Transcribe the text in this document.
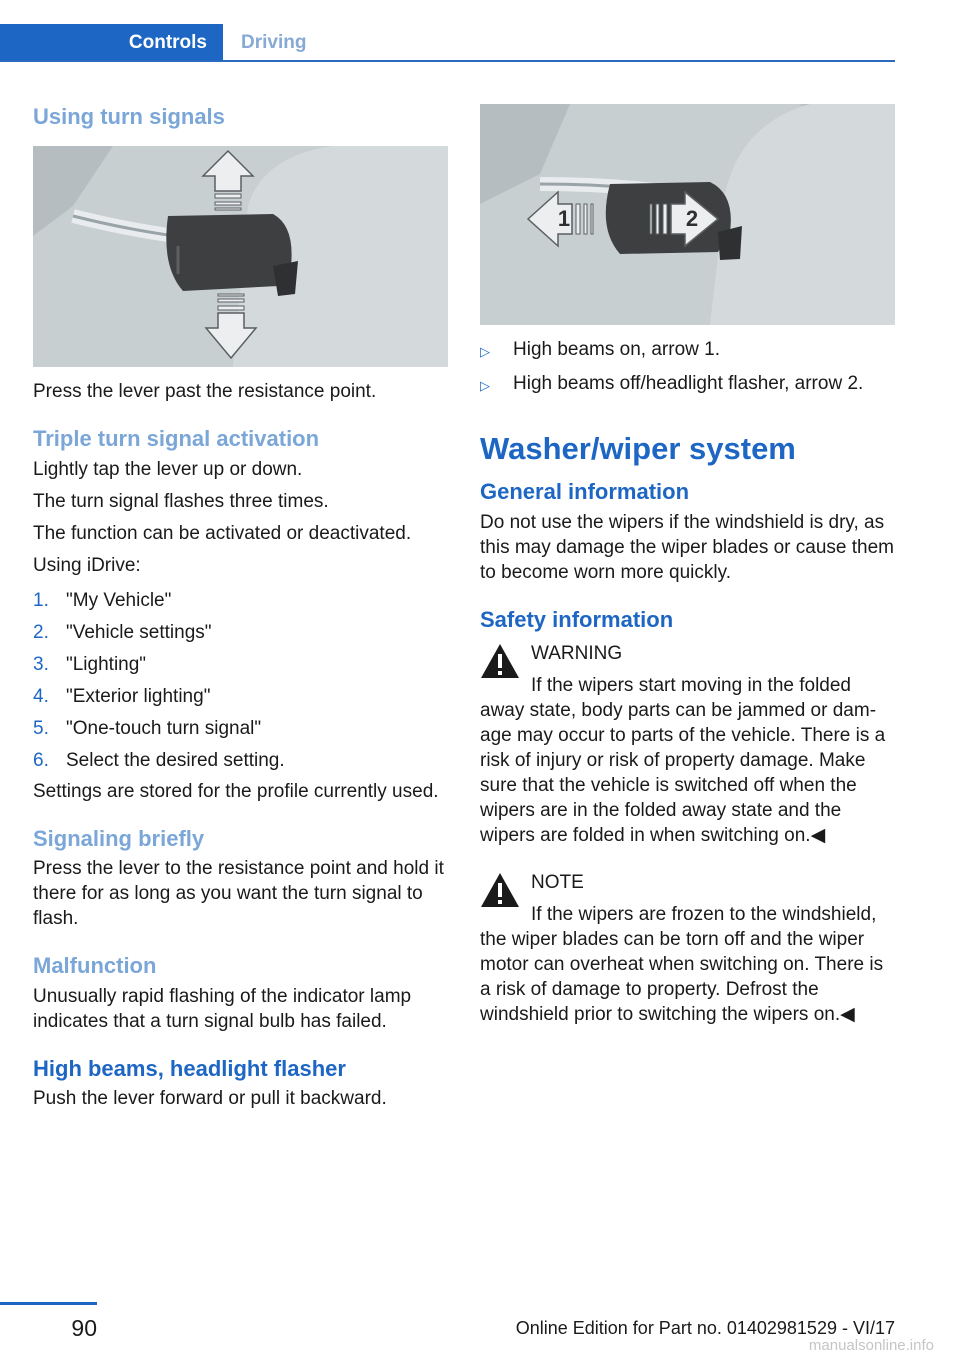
Controls Driving
Using turn signals

Press the lever past the resistance point.

Triple turn signal activation

Lightly tap the lever up or down.

The turn signal flashes three times.

The function can be activated or deactivated.

Using iDrive:

1. "My Vehicle"
2. "Vehicle settings"
3. "Lighting"
4. "Exterior lighting"
5. "One-touch turn signal"
6. Select the desired setting.

Settings are stored for the profile currently used.

Signaling briefly

Press the lever to the resistance point and hold it there for as long as you want the turn signal to flash.

Malfunction

Unusually rapid flashing of the indicator lamp indicates that a turn signal bulb has failed.

High beams, headlight flasher

Push the lever forward or pull it backward.

1	2
▷	High beams on, arrow 1.
▷	High beams off/headlight flasher, arrow 2.
Washer/wiper system
General information

Do not use the wipers if the windshield is dry, as this may damage the wiper blades or cause them to become worn more quickly.

Safety information
WARNING
If the wipers start moving in the folded

away state, body parts can be jammed or dam‐age may occur to parts of the vehicle. There is a risk of injury or risk of property damage. Make sure that the vehicle is switched off when the wipers are in the folded away state and the wipers are folded in when switching on.◀

NOTE
If the wipers are frozen to the windshield,

the wiper blades can be torn off and the wiper motor can overheat when switching on. There is a risk of damage to property. Defrost the windshield prior to switching the wipers on.◀

90	Online Edition for Part no. 01402981529 - VI/17
manualsonline.info
